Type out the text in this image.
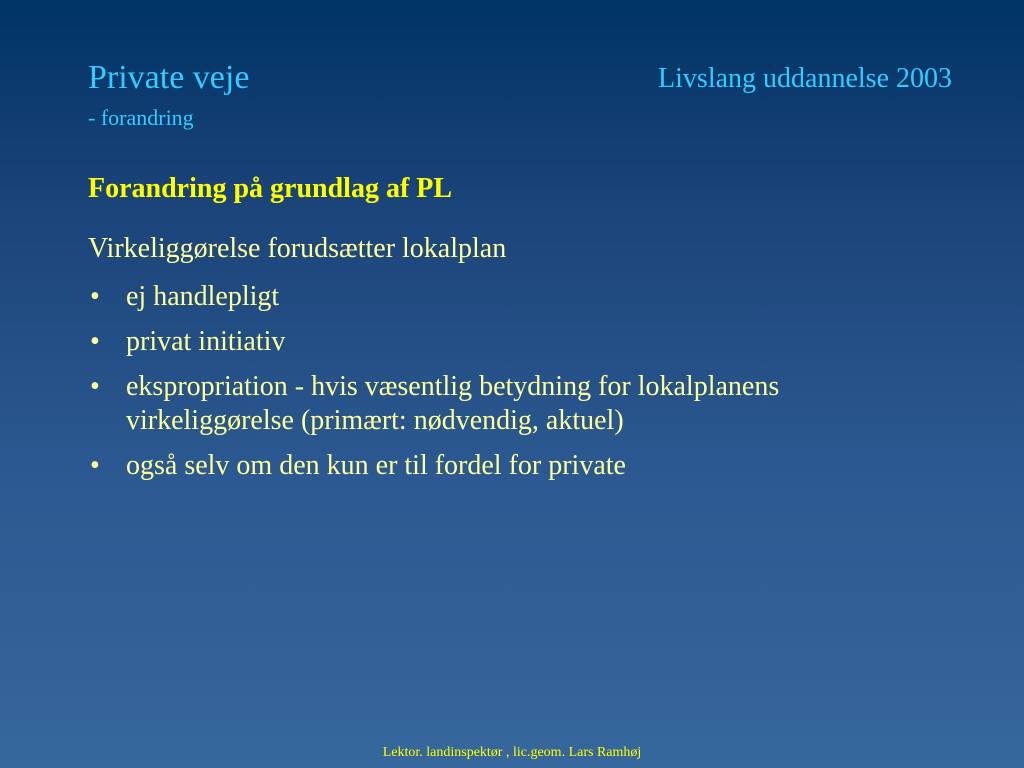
Private veje
- forandring
Livslang uddannelse 2003
Forandring på grundlag af PL
Virkeliggørelse forudsætter lokalplan
• ej handlepligt
• privat initiativ
• ekspropriation - hvis væsentlig betydning for lokalplanens virkeliggørelse (primært: nødvendig, aktuel)
• også selv om den kun er til fordel for private
Lektor. landinspektør , lic.geom. Lars Ramhøj
